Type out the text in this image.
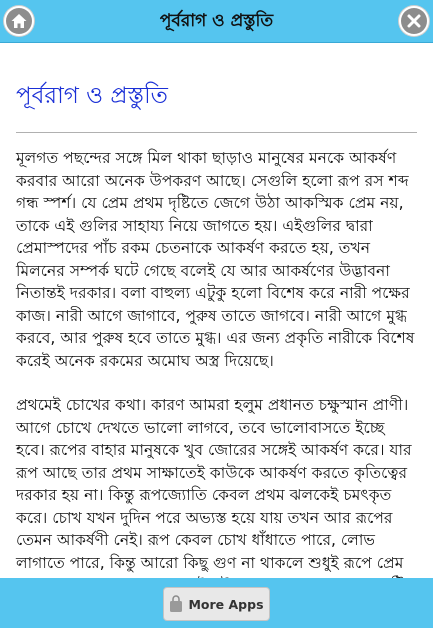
পূর্বরাগ ও প্রস্তুতি
পূর্বরাগ ও প্রস্তুতি

মূলগত পছন্দের সঙ্গে মিল থাকা ছাড়াও মানুষের মনকে আকর্ষণ করবার আরো অনেক উপকরণ আছে। সেগুলি হলো রূপ রস শব্দ গন্ধ স্পর্শ। যে প্রেম প্রথম দৃষ্টিতে জেগে উঠা আকস্মিক প্রেম নয়, তাকে এই গুলির সাহায্য নিয়ে জাগতে হয়। এইগুলির দ্বারা প্রেমাস্পদের পাঁচ রকম চেতনাকে আকর্ষণ করতে হয়, তখন মিলনের সম্পর্ক ঘটে গেছে বলেই যে আর আকর্ষণের উদ্ভাবনা নিতান্তই দরকার। বলা বাহুল্য এটুকু হলো বিশেষ করে নারী পক্ষের কাজ। নারী আগে জাগাবে, পুরুষ তাতে জাগবে। নারী আগে মুগ্ধ করবে, আর পুরুষ হবে তাতে মুগ্ধ। এর জন্য প্রকৃতি নারীকে বিশেষ করেই অনেক রকমের অমোঘ অস্ত্র দিয়েছে।

প্রথমেই চোখের কথা। কারণ আমরা হলুম প্রধানত চক্ষুস্মান প্রাণী। আগে চোখে দেখতে ভালো লাগবে, তবে ভালোবাসতে ইচ্ছে হবে। রূপের বাহার মানুষকে খুব জোরের সঙ্গেই আকর্ষণ করে। যার রূপ আছে তার প্রথম সাক্ষাতেই কাউকে আকর্ষণ করতে কৃতিত্বের দরকার হয় না। কিন্তু রূপজ্যোতি কেবল প্রথম ঝলকেই চমৎকৃত করে। চোখ যখন দুদিন পরে অভ্যস্ত হয়ে যায় তখন আর রূপের তেমন আকর্ষণী নেই। রূপ কেবল চোখ ধাঁধাতে পারে, লোভ লাগাতে পারে, কিন্তু আরো কিছু গুণ না থাকলে শুধুই রূপে প্রেম

More Apps
